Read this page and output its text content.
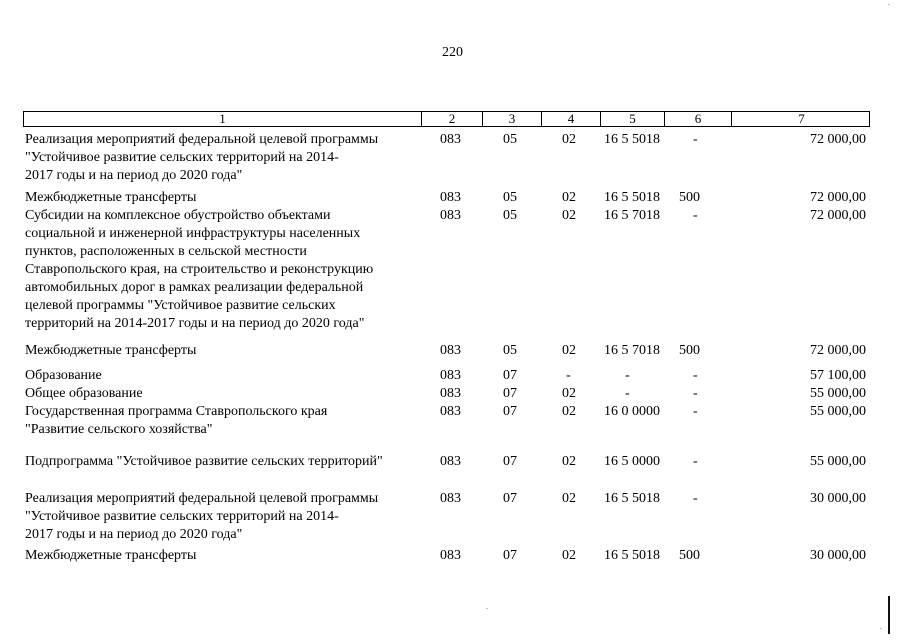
220
1	2	3	4	5	6	7
Реализация мероприятий федеральной целевой программы
"Устойчивое развитие сельских территорий на 2014-
2017 годы и на период до 2020 года"
083	05	02	16 5 5018	-	72 000,00
Межбюджетные трансферты	083	05	02	16 5 5018	500	72 000,00
Субсидии на комплексное обустройство объектами
социальной и инженерной инфраструктуры населенных
пунктов, расположенных в сельской местности
Ставропольского края, на строительство и реконструкцию
автомобильных дорог в рамках реализации федеральной
целевой программы "Устойчивое развитие сельских
территорий на 2014-2017 годы и на период до 2020 года"
083	05	02	16 5 7018	-	72 000,00
Межбюджетные трансферты	083	05	02	16 5 7018	500	72 000,00
Образование	083	07	-	-	-	57 100,00
Общее образование	083	07	02	-	-	55 000,00
Государственная программа Ставропольского края
"Развитие сельского хозяйства"
083	07	02	16 0 0000	-	55 000,00
Подпрограмма "Устойчивое развитие сельских территорий"	083	07	02	16 5 0000	-	55 000,00
Реализация мероприятий федеральной целевой программы
"Устойчивое развитие сельских территорий на 2014-
2017 годы и на период до 2020 года"
083	07	02	16 5 5018	-	30 000,00
Межбюджетные трансферты	083	07	02	16 5 5018	500	30 000,00
